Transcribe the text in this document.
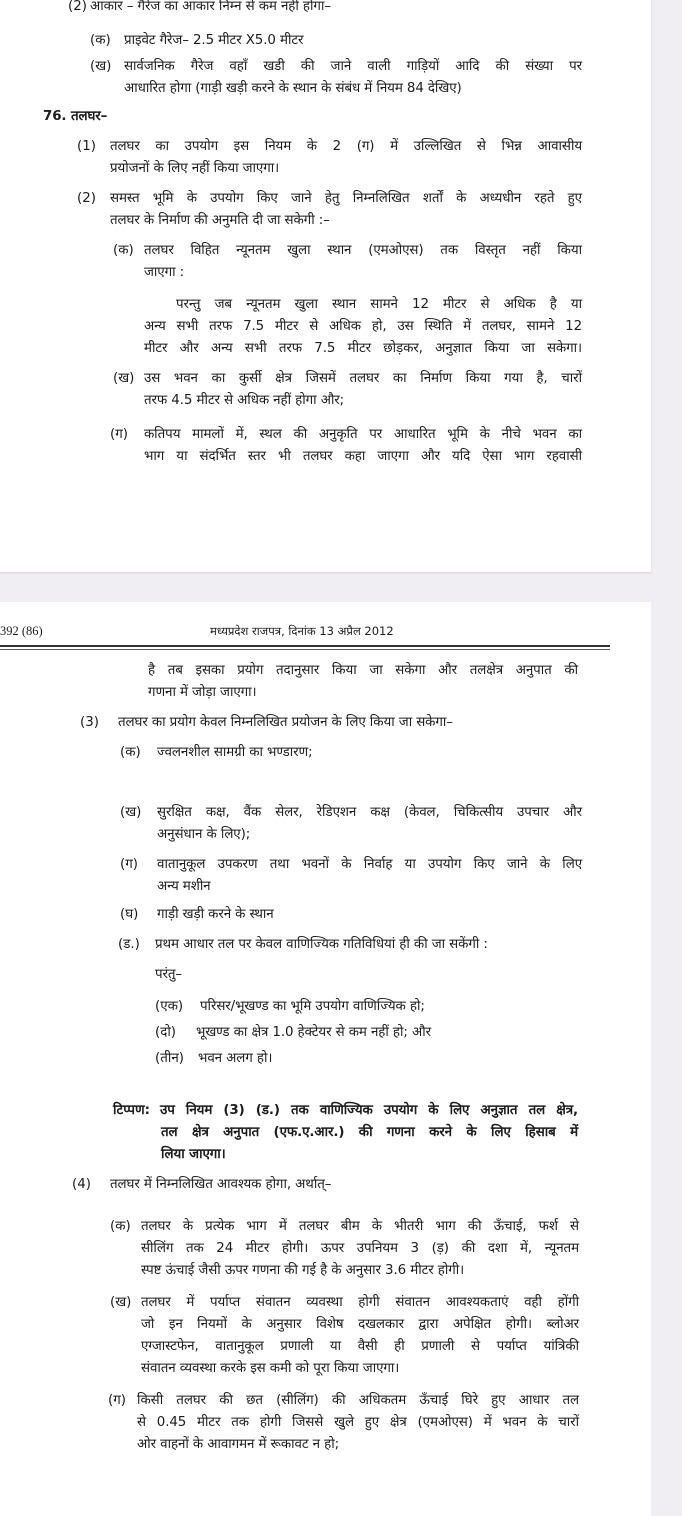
(2) आकार – गैरेज का आकार निम्न से कम नहीं होगा–
(क) प्राइवेट गैरेज– 2.5 मीटर X5.0 मीटर
(ख) सार्वजनिक गैरेज वहाँ खडी की जाने वाली गाड़ियों आदि की संख्या पर
आधारित होगा (गाड़ी खड़ी करने के स्थान के संबंध में नियम 84 देखिए)
76. तलघर–
(1) तलघर का उपयोग इस नियम के 2 (ग) में उल्लिखित से भिन्न आवासीय
प्रयोजनों के लिए नहीं किया जाएगा।
(2) समस्त भूमि के उपयोग किए जाने हेतु निम्नलिखित शर्तों के अध्यधीन रहते हुए
तलघर के निर्माण की अनुमति दी जा सकेगी :–
(क) तलघर विहित न्यूनतम खुला स्थान (एमओएस) तक विस्तृत नहीं किया
जाएगा :
परन्तु जब न्यूनतम खुला स्थान सामने 12 मीटर से अधिक है या
अन्य सभी तरफ 7.5 मीटर से अधिक हो, उस स्थिति में तलघर, सामने 12
मीटर और अन्य सभी तरफ 7.5 मीटर छोड़कर, अनुज्ञात किया जा सकेगा।
(ख) उस भवन का कुर्सी क्षेत्र जिसमें तलघर का निर्माण किया गया है, चारों
तरफ 4.5 मीटर से अधिक नहीं होगा और;
(ग) कतिपय मामलों में, स्थल की अनुकृति पर आधारित भूमि के नीचे भवन का
भाग या संदर्भित स्तर भी तलघर कहा जाएगा और यदि ऐसा भाग रहवासी
392 (86)	मध्यप्रदेश राजपत्र, दिनांक 13 अप्रैल 2012
है तब इसका प्रयोग तदानुसार किया जा सकेगा और तलक्षेत्र अनुपात की
गणना में जोड़ा जाएगा।
(3) तलघर का प्रयोग केवल निम्नलिखित प्रयोजन के लिए किया जा सकेगा–
(क) ज्वलनशील सामग्री का भण्डारण;
(ख) सुरक्षित कक्ष, वैंक सेलर, रेडिएशन कक्ष (केवल, चिकित्सीय उपचार और
अनुसंधान के लिए);
(ग) वातानुकूल उपकरण तथा भवनों के निर्वाह या उपयोग किए जाने के लिए
अन्य मशीन
(घ) गाड़ी खड़ी करने के स्थान
(ड.) प्रथम आधार तल पर केवल वाणिज्यिक गतिविधियां ही की जा सकेंगी :
परंतु–
(एक) परिसर/भूखण्ड का भूमि उपयोग वाणिज्यिक हो;
(दो) भूखण्ड का क्षेत्र 1.0 हेक्टेयर से कम नहीं हो; और
(तीन) भवन अलग हो।
टिप्पण: उप नियम (3) (ड.) तक वाणिज्यिक उपयोग के लिए अनुज्ञात तल क्षेत्र,
तल क्षेत्र अनुपात (एफ.ए.आर.) की गणना करने के लिए हिसाब में
लिया जाएगा।
(4) तलघर में निम्नलिखित आवश्यक होगा, अर्थात्–
(क) तलघर के प्रत्येक भाग में तलघर बीम के भीतरी भाग की ऊँचाई, फर्श से
सीलिंग तक 24 मीटर होगी। ऊपर उपनियम 3 (ड़) की दशा में, न्यूनतम
स्पष्ट ऊंचाई जैसी ऊपर गणना की गई है के अनुसार 3.6 मीटर होगी।
(ख) तलघर में पर्याप्त संवातन व्यवस्था होगी संवातन आवश्यकताएं वही होंगी
जो इन नियमों के अनुसार विशेष दखलकार द्वारा अपेक्षित होगी। ब्लोअर
एग्जास्टफेन, वातानुकूल प्रणाली या वैसी ही प्रणाली से पर्याप्त यांत्रिकी
संवातन व्यवस्था करके इस कमी को पूरा किया जाएगा।
(ग) किसी तलघर की छत (सीलिंग) की अधिकतम ऊँचाई घिरे हुए आधार तल
से 0.45 मीटर तक होगी जिससे खुले हुए क्षेत्र (एमओएस) में भवन के चारों
ओर वाहनों के आवागमन में रूकावट न हो;
